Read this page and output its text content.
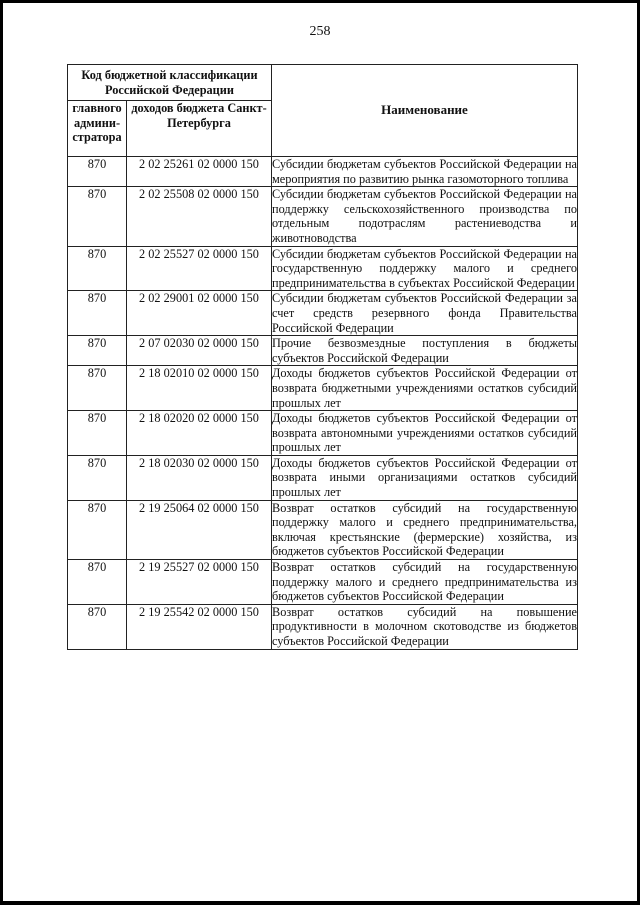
258
Код бюджетной классификации Российской Федерации		Наименование
главного админи-стратора	доходов бюджета Санкт-Петербурга	
870	2 02 25261 02 0000 150	Субсидии бюджетам субъектов Российской Федерации на мероприятия по развитию рынка газомоторного топлива
870	2 02 25508 02 0000 150	Субсидии бюджетам субъектов Российской Федерации на поддержку сельскохозяйственного производства по отдельным подотраслям растениеводства и животноводства
870	2 02 25527 02 0000 150	Субсидии бюджетам субъектов Российской Федерации на государственную поддержку малого и среднего предпринимательства в субъектах Российской Федерации
870	2 02 29001 02 0000 150	Субсидии бюджетам субъектов Российской Федерации за счет средств резервного фонда Правительства Российской Федерации
870	2 07 02030 02 0000 150	Прочие безвозмездные поступления в бюджеты субъектов Российской Федерации
870	2 18 02010 02 0000 150	Доходы бюджетов субъектов Российской Федерации от возврата бюджетными учреждениями остатков субсидий прошлых лет
870	2 18 02020 02 0000 150	Доходы бюджетов субъектов Российской Федерации от возврата автономными учреждениями остатков субсидий прошлых лет
870	2 18 02030 02 0000 150	Доходы бюджетов субъектов Российской Федерации от возврата иными организациями остатков субсидий прошлых лет
870	2 19 25064 02 0000 150	Возврат остатков субсидий на государственную поддержку малого и среднего предпринимательства, включая крестьянские (фермерские) хозяйства, из бюджетов субъектов Российской Федерации
870	2 19 25527 02 0000 150	Возврат остатков субсидий на государственную поддержку малого и среднего предпринимательства из бюджетов субъектов Российской Федерации
870	2 19 25542 02 0000 150	Возврат остатков субсидий на повышение продуктивности в молочном скотоводстве из бюджетов субъектов Российской Федерации
